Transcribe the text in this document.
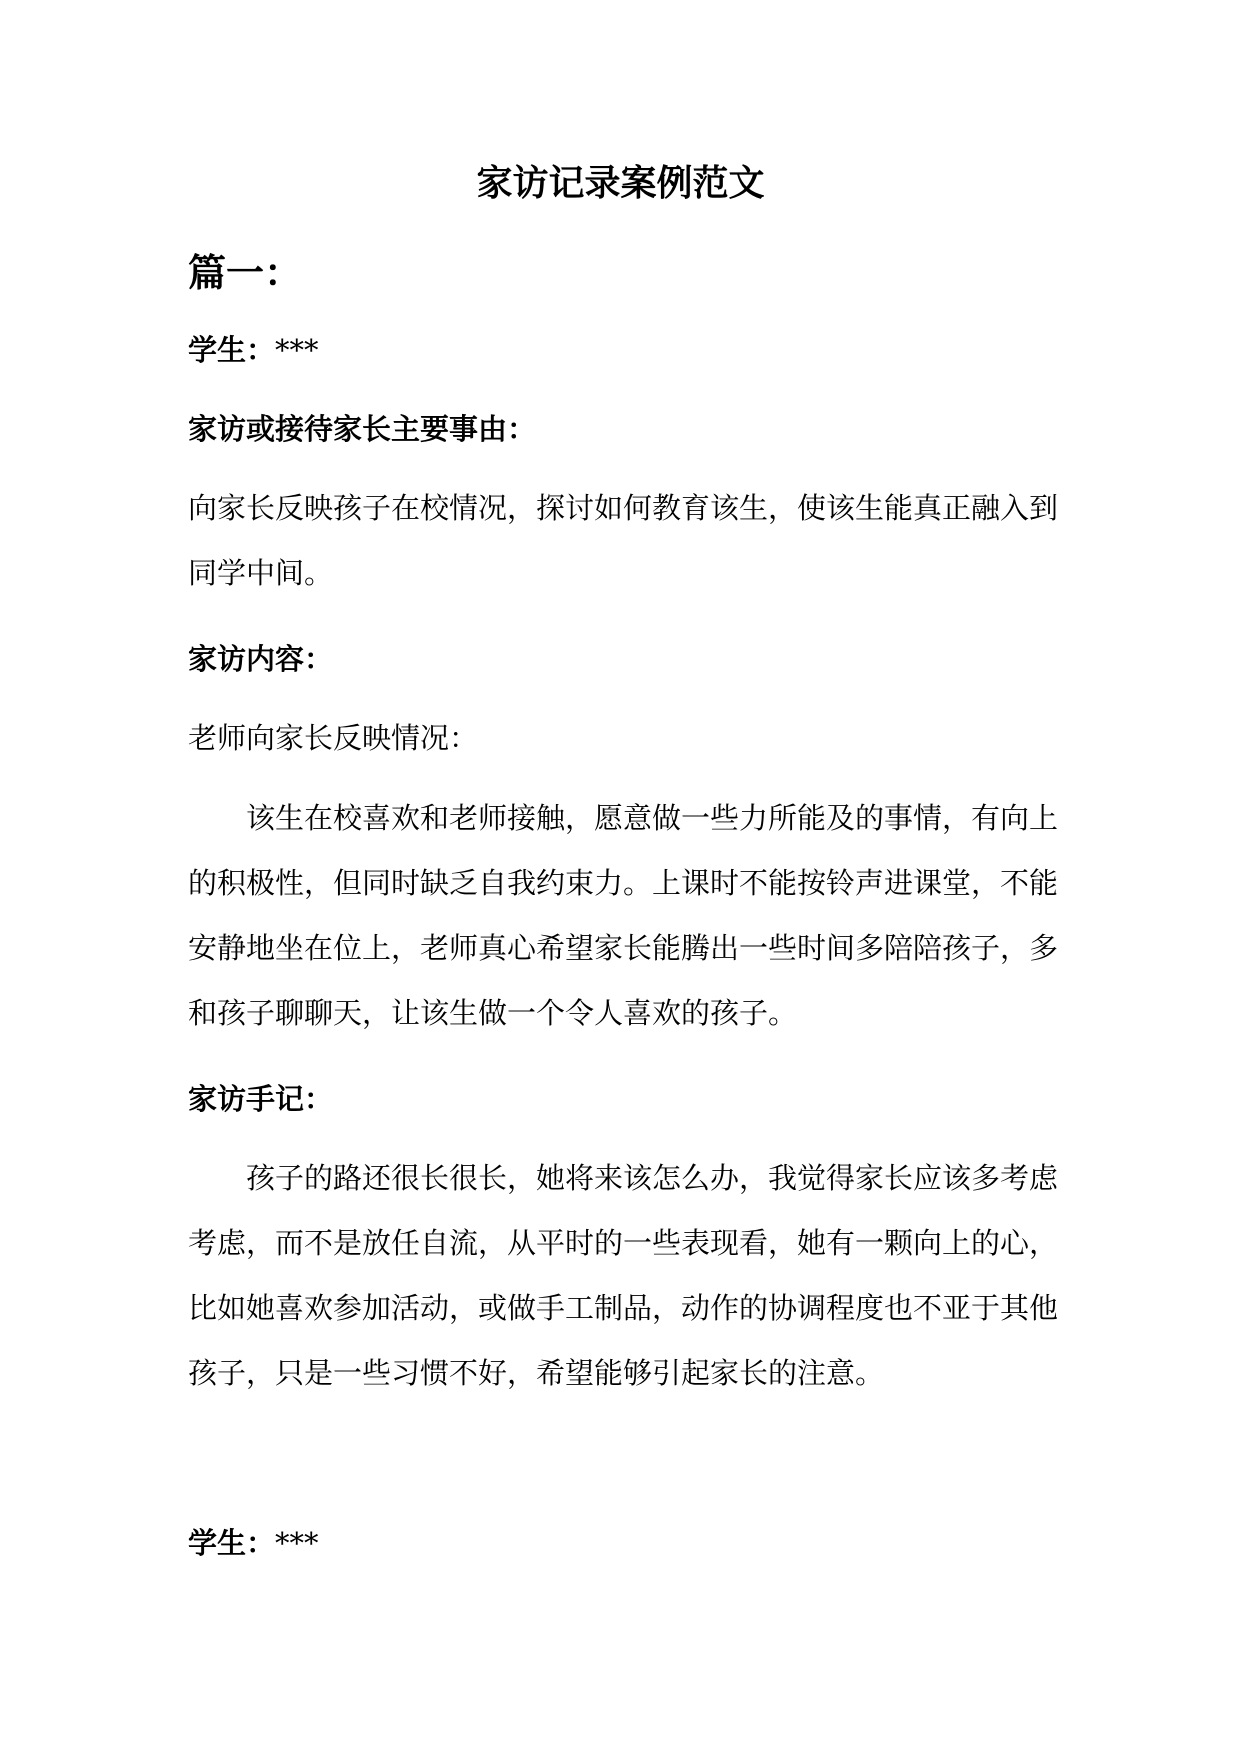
家访记录案例范文
篇一：

学生：***

家访或接待家长主要事由：

向家长反映孩子在校情况，探讨如何教育该生，使该生能真正融入到

同学中间。

家访内容：

老师向家长反映情况：

该生在校喜欢和老师接触，愿意做一些力所能及的事情，有向上

的积极性，但同时缺乏自我约束力。上课时不能按铃声进课堂，不能

安静地坐在位上，老师真心希望家长能腾出一些时间多陪陪孩子，多

和孩子聊聊天，让该生做一个令人喜欢的孩子。

家访手记：

孩子的路还很长很长，她将来该怎么办，我觉得家长应该多考虑

考虑，而不是放任自流，从平时的一些表现看，她有一颗向上的心，

比如她喜欢参加活动，或做手工制品，动作的协调程度也不亚于其他

孩子，只是一些习惯不好，希望能够引起家长的注意。

学生：***
